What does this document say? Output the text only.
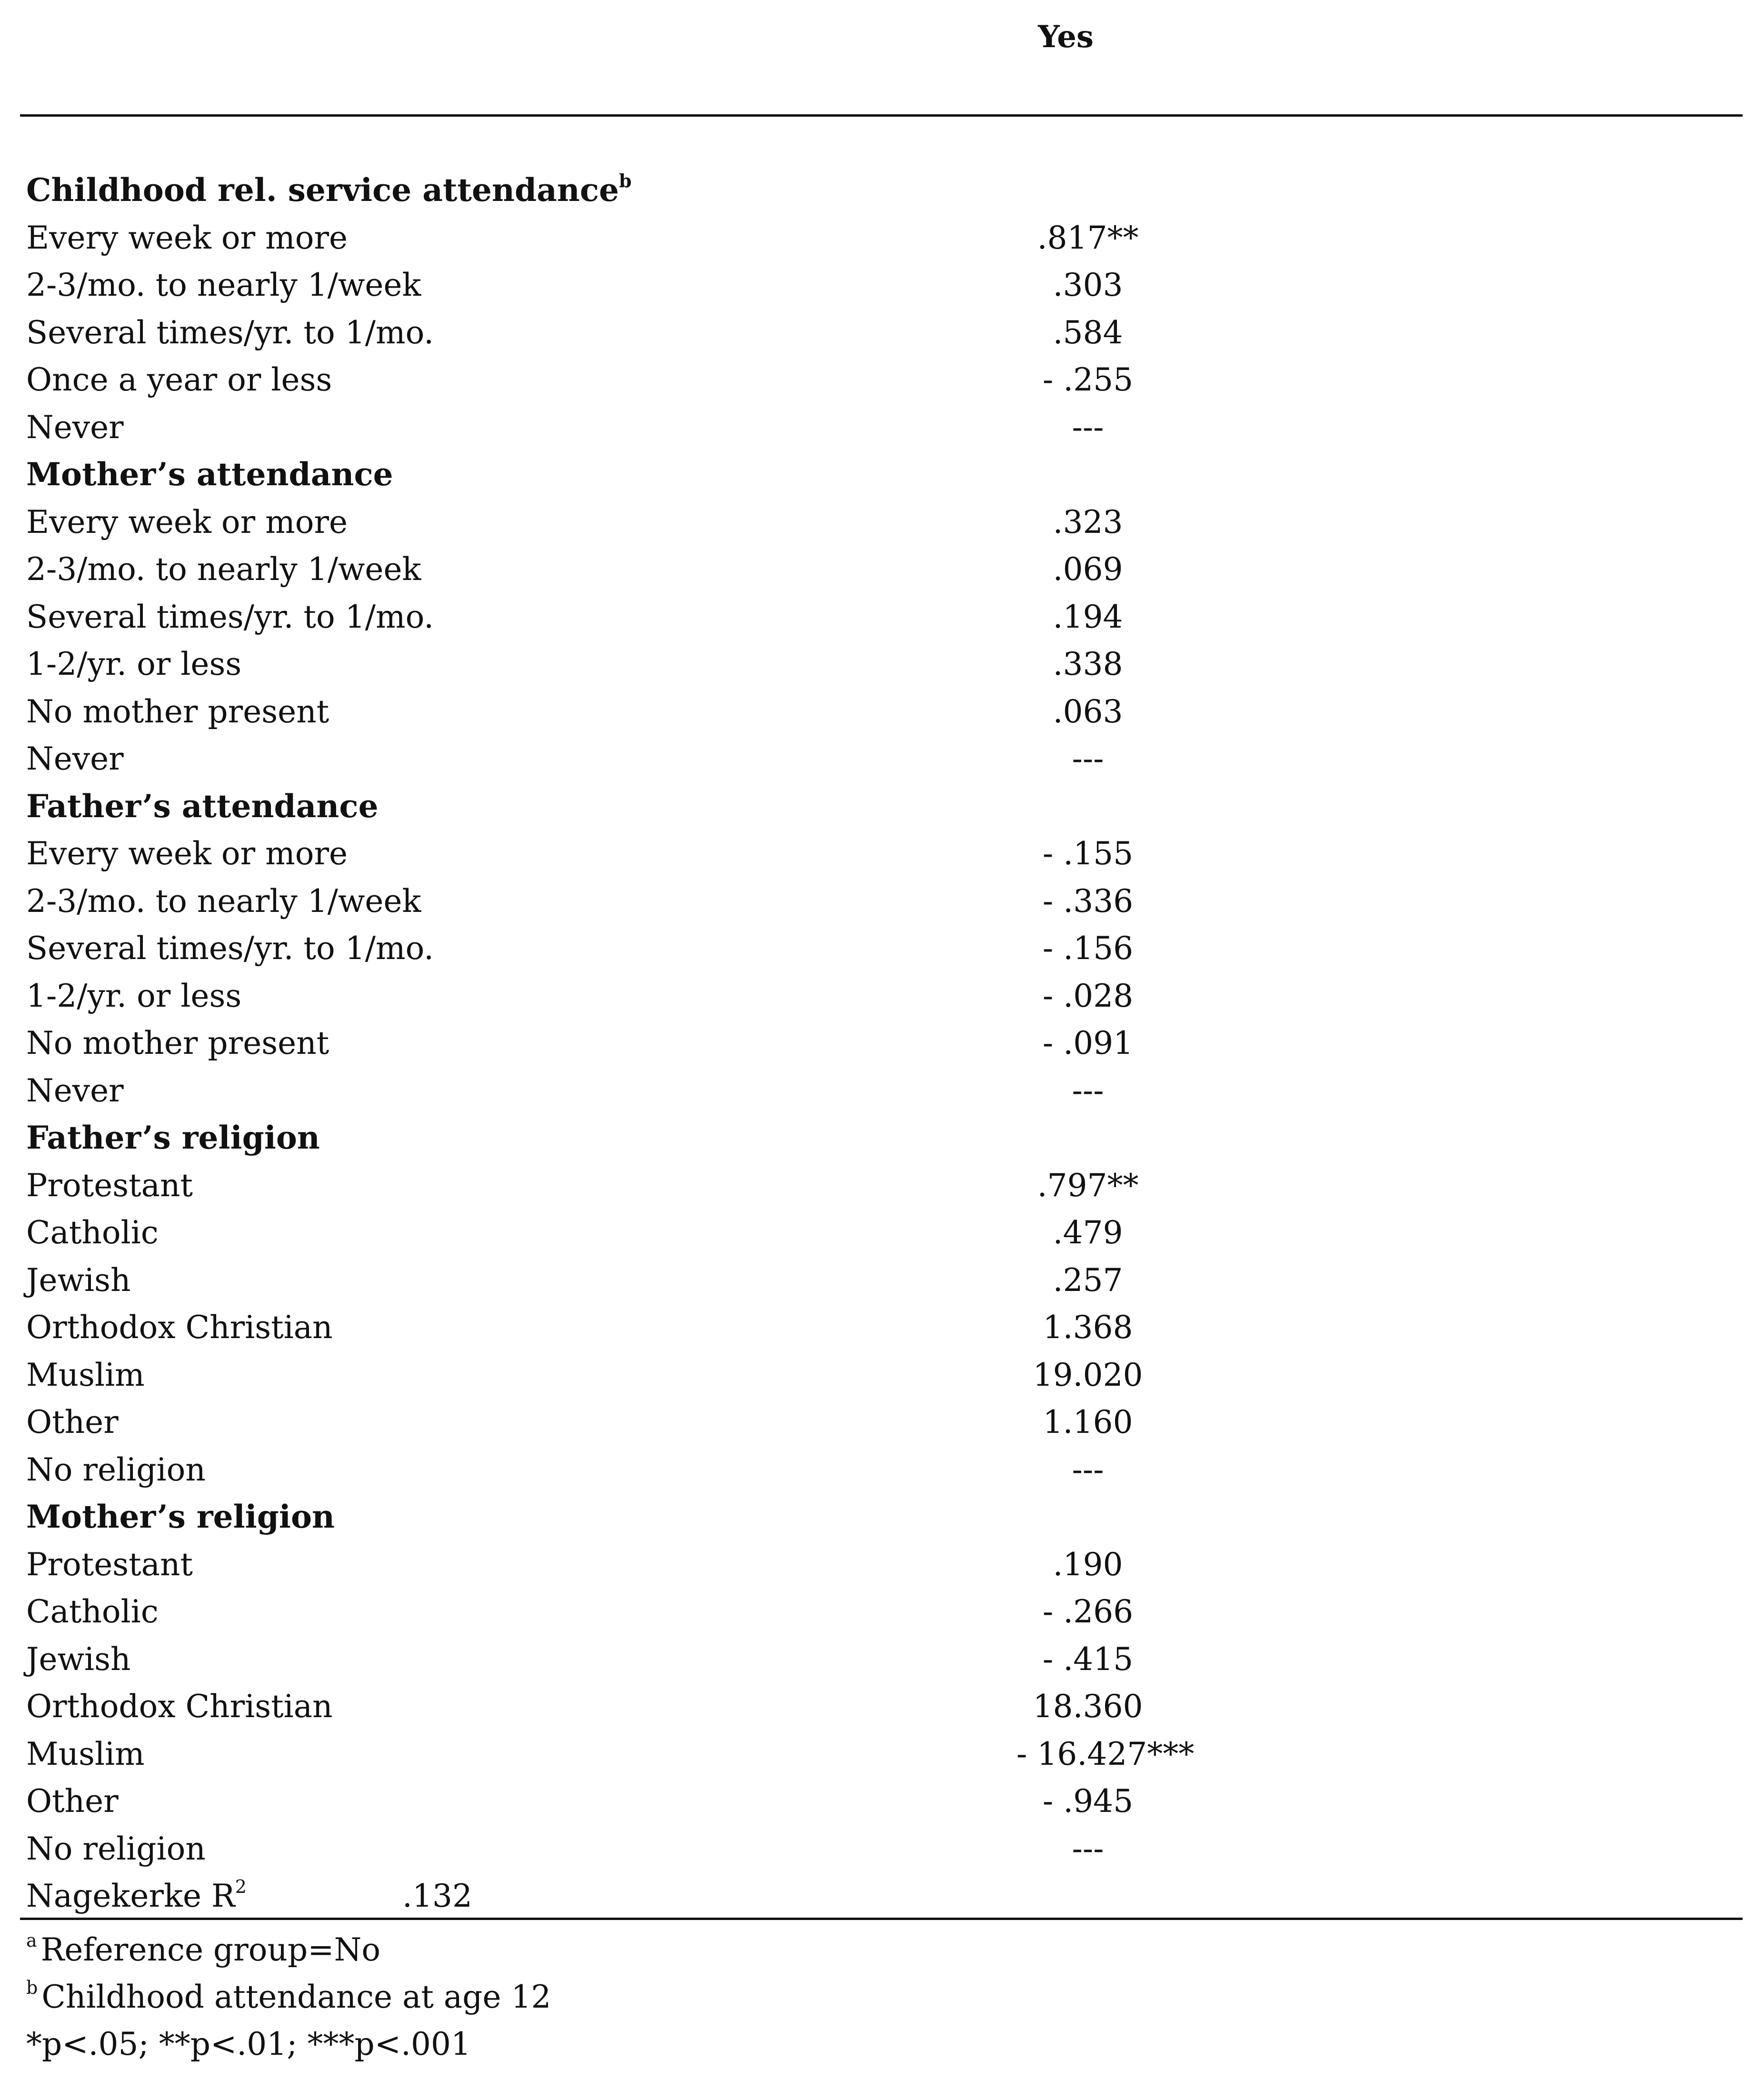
Yes
Childhood rel. service attendance$^b$
Every week or more	.817**
2-3/mo. to nearly 1/week	.303
Several times/yr. to 1/mo.	.584
Once a year or less	- .255
Never	---
Mother’s attendance
Every week or more	.323
2-3/mo. to nearly 1/week	.069
Several times/yr. to 1/mo.	.194
1-2/yr. or less	.338
No mother present	.063
Never	---
Father’s attendance
Every week or more	- .155
2-3/mo. to nearly 1/week	- .336
Several times/yr. to 1/mo.	- .156
1-2/yr. or less	- .028
No mother present	- .091
Never	---
Father’s religion
Protestant	.797**
Catholic	.479
Jewish	.257
Orthodox Christian	1.368
Muslim	19.020
Other	1.160
No religion	---
Mother’s religion
Protestant	.190
Catholic	- .266
Jewish	- .415
Orthodox Christian	18.360
Muslim	- 16.427***
Other	- .945
No religion	---
Nagekerke $R^2$	.132
$^a$ Reference group=No
$^b$ Childhood attendance at age 12
*p<.05; **p<.01; ***p<.001
